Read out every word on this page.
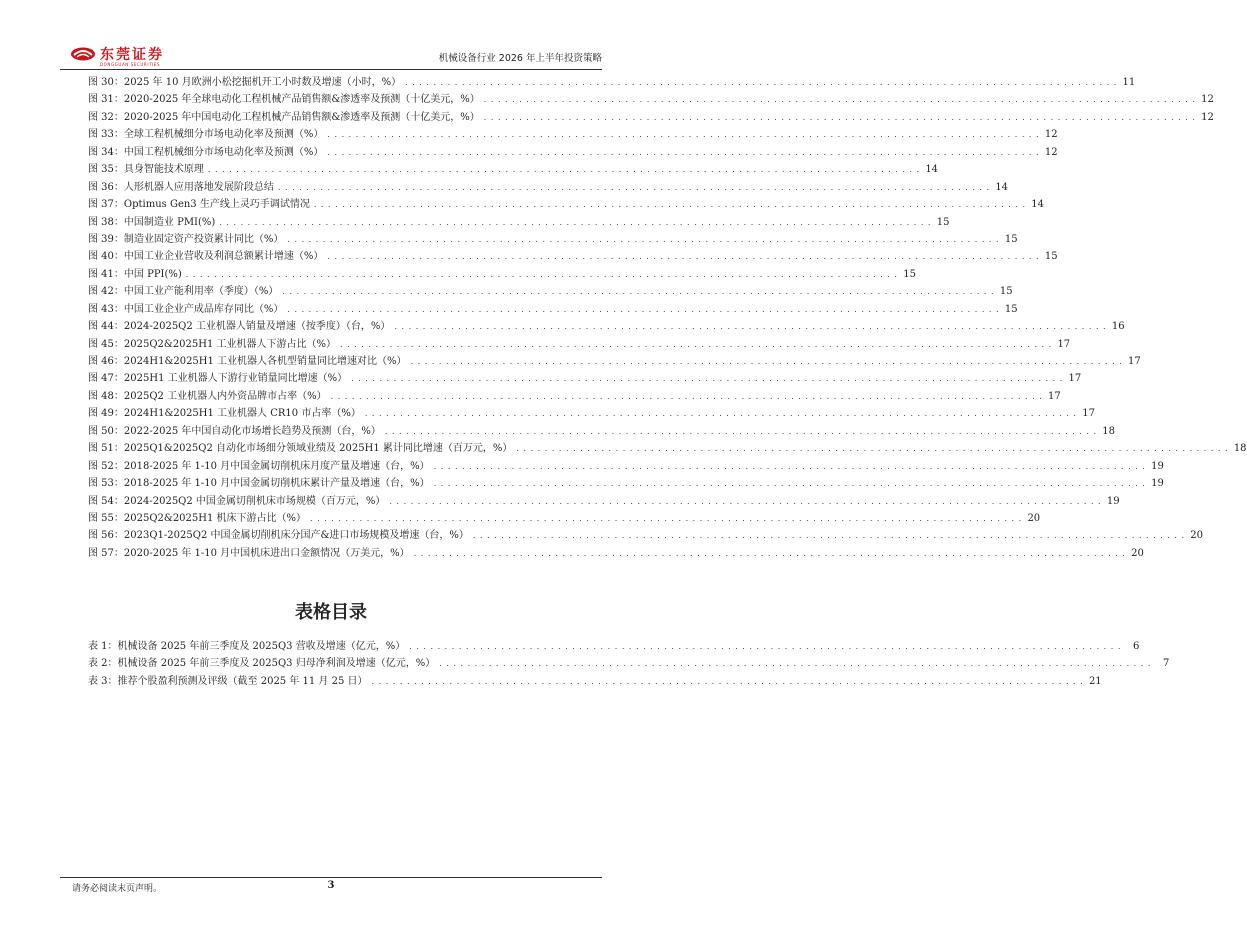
东莞证券
DONGGUAN SECURITIES
机械设备行业 2026 年上半年投资策略
图 30： 2025 年 10 月欧洲小松挖掘机开工小时数及增速（小时，%） . . .	11
图 31： 2020-2025 年全球电动化工程机械产品销售额&渗透率及预测（十亿美元，%） . . .	12
图 32： 2020-2025 年中国电动化工程机械产品销售额&渗透率及预测（十亿美元，%） . . .	12
图 33： 全球工程机械细分市场电动化率及预测（%） . . .	12
图 34： 中国工程机械细分市场电动化率及预测（%） . . .	12
图 35： 具身智能技术原理 . . .	14
图 36： 人形机器人应用落地发展阶段总结 . . .	14
图 37： Optimus Gen3 生产线上灵巧手调试情况 . . .	14
图 38： 中国制造业 PMI(%) . . .	15
图 39： 制造业固定资产投资累计同比（%） . . .	15
图 40： 中国工业企业营收及利润总额累计增速（%） . . .	15
图 41： 中国 PPI(%) . . .	15
图 42： 中国工业产能利用率（季度）（%） . . .	15
图 43： 中国工业企业产成品库存同比（%） . . .	15
图 44： 2024-2025Q2 工业机器人销量及增速（按季度）（台，%） . . .	16
图 45： 2025Q2&2025H1 工业机器人下游占比（%） . . .	17
图 46： 2024H1&2025H1 工业机器人各机型销量同比增速对比（%） . . .	17
图 47： 2025H1 工业机器人下游行业销量同比增速（%） . . .	17
图 48： 2025Q2 工业机器人内外资品牌市占率（%） . . .	17
图 49： 2024H1&2025H1 工业机器人 CR10 市占率（%） . . .	17
图 50： 2022-2025 年中国自动化市场增长趋势及预测（台，%） . . .	18
图 51： 2025Q1&2025Q2 自动化市场细分领域业绩及 2025H1 累计同比增速（百万元，%） . . .	18
图 52： 2018-2025 年 1-10 月中国金属切削机床月度产量及增速（台，%） . . .	19
图 53： 2018-2025 年 1-10 月中国金属切削机床累计产量及增速（台，%） . . .	19
图 54： 2024-2025Q2 中国金属切削机床市场规模（百万元，%） . . .	19
图 55： 2025Q2&2025H1 机床下游占比（%） . . .	20
图 56： 2023Q1-2025Q2 中国金属切削机床分国产&进口市场规模及增速（台，%） . . .	20
图 57： 2020-2025 年 1-10 月中国机床进出口金额情况（万美元，%） . . .	20
表格目录
表 1： 机械设备 2025 年前三季度及 2025Q3 营收及增速（亿元，%） . . .	6
表 2： 机械设备 2025 年前三季度及 2025Q3 归母净利润及增速（亿元，%） . . .	7
表 3： 推荐个股盈利预测及评级（截至 2025 年 11 月 25 日） . . .	21
请务必阅读末页声明。	3
